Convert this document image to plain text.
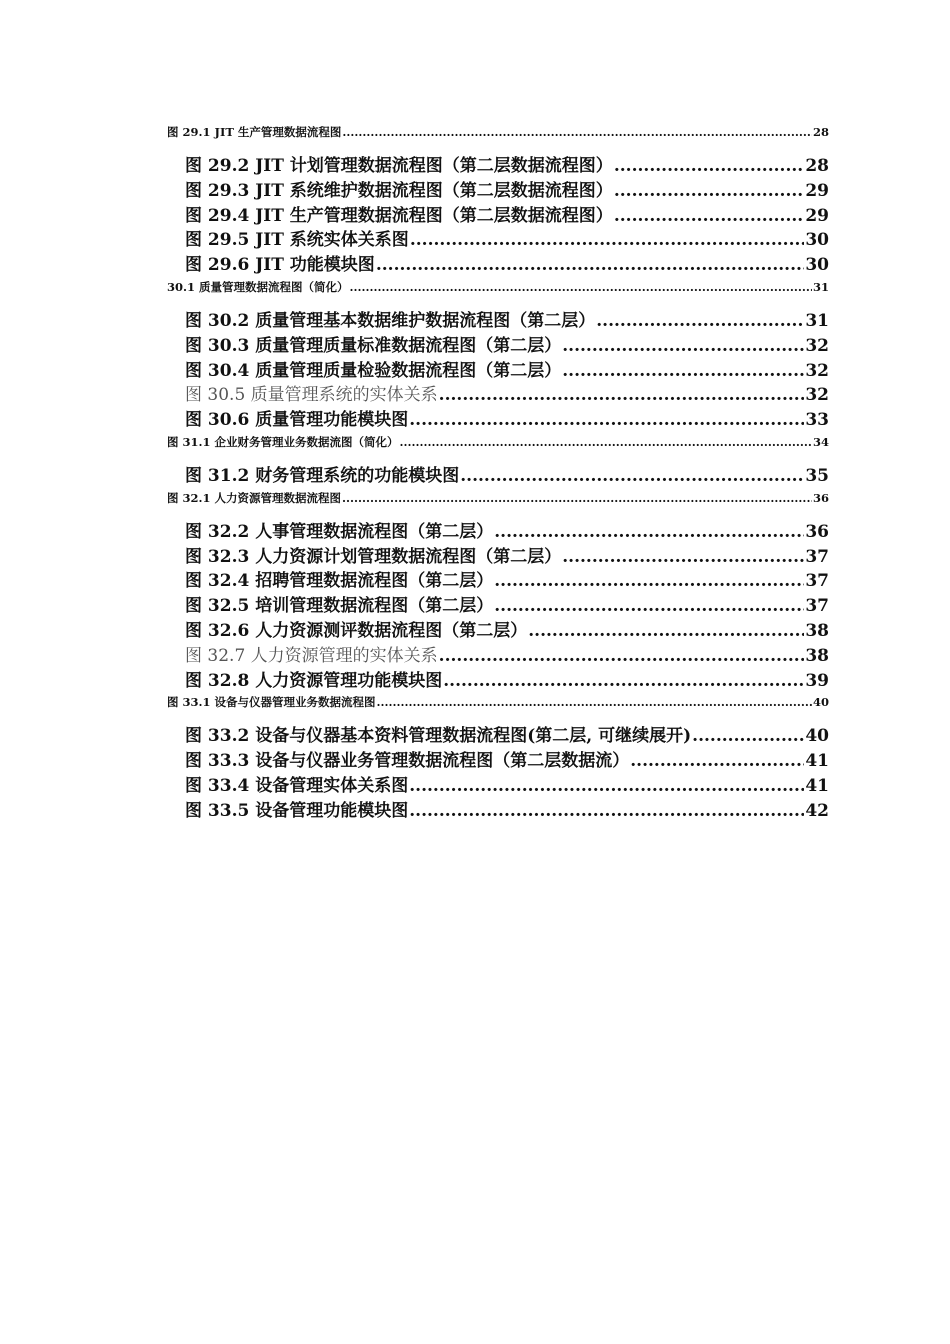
图 29.1 JIT 生产管理数据流程图 .....	28
图 29.2 JIT 计划管理数据流程图（第二层数据流程图） .....	28
图 29.3 JIT 系统维护数据流程图（第二层数据流程图） .....	29
图 29.4 JIT 生产管理数据流程图（第二层数据流程图） .....	29
图 29.5 JIT 系统实体关系图 .....	30
图 29.6 JIT 功能模块图 .....	30
30.1 质量管理数据流程图（简化） .....	31
图 30.2 质量管理基本数据维护数据流程图（第二层） .....	31
图 30.3 质量管理质量标准数据流程图（第二层） .....	32
图 30.4 质量管理质量检验数据流程图（第二层） .....	32
图 30.5 质量管理系统的实体关系 .....	32
图 30.6 质量管理功能模块图 .....	33
图 31.1 企业财务管理业务数据流图（简化） .....	34
图 31.2 财务管理系统的功能模块图 .....	35
图 32.1 人力资源管理数据流程图 .....	36
图 32.2 人事管理数据流程图（第二层） .....	36
图 32.3 人力资源计划管理数据流程图（第二层） .....	37
图 32.4 招聘管理数据流程图（第二层） .....	37
图 32.5 培训管理数据流程图（第二层） .....	37
图 32.6 人力资源测评数据流程图（第二层） .....	38
图 32.7 人力资源管理的实体关系 .....	38
图 32.8 人力资源管理功能模块图 .....	39
图 33.1 设备与仪器管理业务数据流程图 .....	40
图 33.2 设备与仪器基本资料管理数据流程图(第二层, 可继续展开) .....	40
图 33.3 设备与仪器业务管理数据流程图（第二层数据流） .....	41
图 33.4 设备管理实体关系图 .....	41
图 33.5 设备管理功能模块图 .....	42
